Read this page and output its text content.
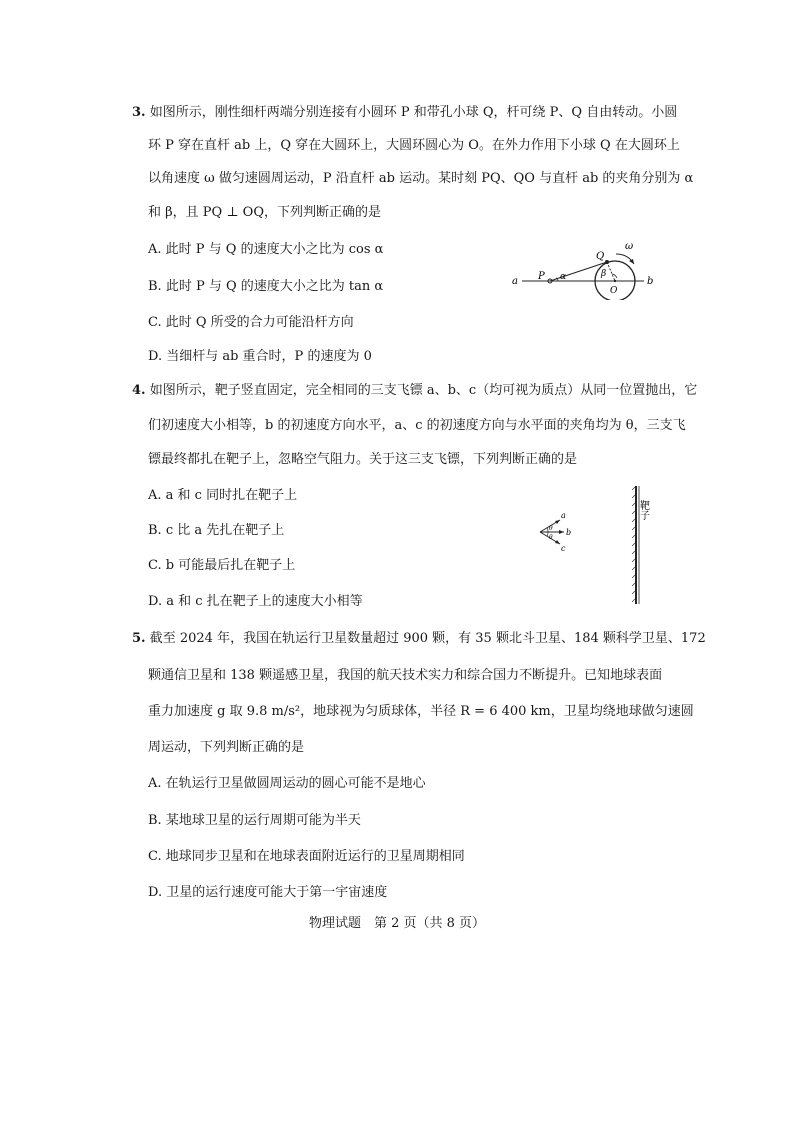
3. 如图所示，刚性细杆两端分别连接有小圆环 P 和带孔小球 Q，杆可绕 P、Q 自由转动。小圆
环 P 穿在直杆 ab 上，Q 穿在大圆环上，大圆环圆心为 O。在外力作用下小球 Q 在大圆环上
以角速度 ω 做匀速圆周运动，P 沿直杆 ab 运动。某时刻 PQ、QO 与直杆 ab 的夹角分别为 α
和 β，且 PQ ⊥ OQ，下列判断正确的是
A. 此时 P 与 Q 的速度大小之比为 cos α
B. 此时 P 与 Q 的速度大小之比为 tan α
C. 此时 Q 所受的合力可能沿杆方向
D. 当细杆与 ab 重合时，P 的速度为 0
a P α
Q
β
ω
O
b
4. 如图所示，靶子竖直固定，完全相同的三支飞镖 a、b、c（均可视为质点）从同一位置抛出，它
们初速度大小相等，b 的初速度方向水平，a、c 的初速度方向与水平面的夹角均为 θ，三支飞
镖最终都扎在靶子上，忽略空气阻力。关于这三支飞镖，下列判断正确的是
A. a 和 c 同时扎在靶子上
B. c 比 a 先扎在靶子上
C. b 可能最后扎在靶子上
D. a 和 c 扎在靶子上的速度大小相等
靶子
a
b
c
θ
θ
5. 截至 2024 年，我国在轨运行卫星数量超过 900 颗，有 35 颗北斗卫星、184 颗科学卫星、172
颗通信卫星和 138 颗遥感卫星，我国的航天技术实力和综合国力不断提升。已知地球表面
重力加速度 g 取 9.8 m/s²，地球视为匀质球体，半径 R = 6 400 km，卫星均绕地球做匀速圆
周运动，下列判断正确的是
A. 在轨运行卫星做圆周运动的圆心可能不是地心
B. 某地球卫星的运行周期可能为半天
C. 地球同步卫星和在地球表面附近运行的卫星周期相同
D. 卫星的运行速度可能大于第一宇宙速度
物理试题　第 2 页（共 8 页）
